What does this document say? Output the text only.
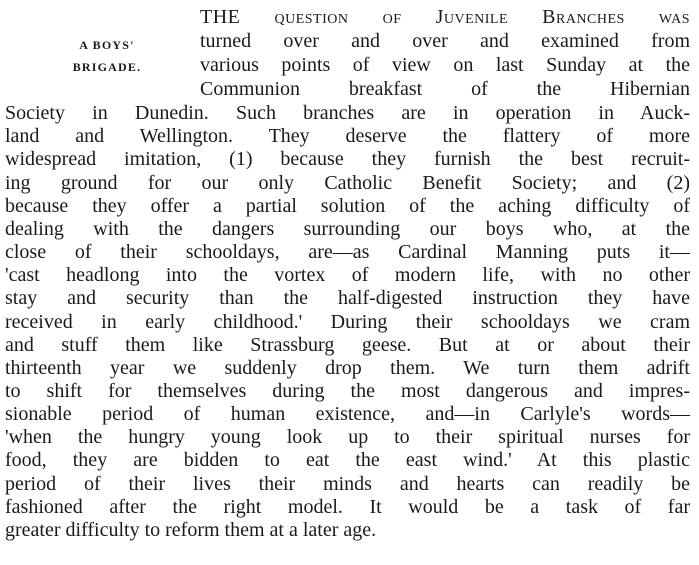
A BOYS'
BRIGADE.
THE question of Juvenile Branches was
turned over and over and examined from
various points of view on last Sunday at the
Communion breakfast of the Hibernian
Society in Dunedin. Such branches are in operation in Auck-
land and Wellington. They deserve the flattery of more
widespread imitation, (1) because they furnish the best recruit-
ing ground for our only Catholic Benefit Society; and (2)
because they offer a partial solution of the aching difficulty of
dealing with the dangers surrounding our boys who, at the
close of their schooldays, are—as Cardinal Manning puts it—
'cast headlong into the vortex of modern life, with no other
stay and security than the half-digested instruction they have
received in early childhood.' During their schooldays we cram
and stuff them like Strassburg geese. But at or about their
thirteenth year we suddenly drop them. We turn them adrift
to shift for themselves during the most dangerous and impres-
sionable period of human existence, and—in Carlyle's words—
'when the hungry young look up to their spiritual nurses for
food, they are bidden to eat the east wind.' At this plastic
period of their lives their minds and hearts can readily be
fashioned after the right model. It would be a task of far
greater difficulty to reform them at a later age.
